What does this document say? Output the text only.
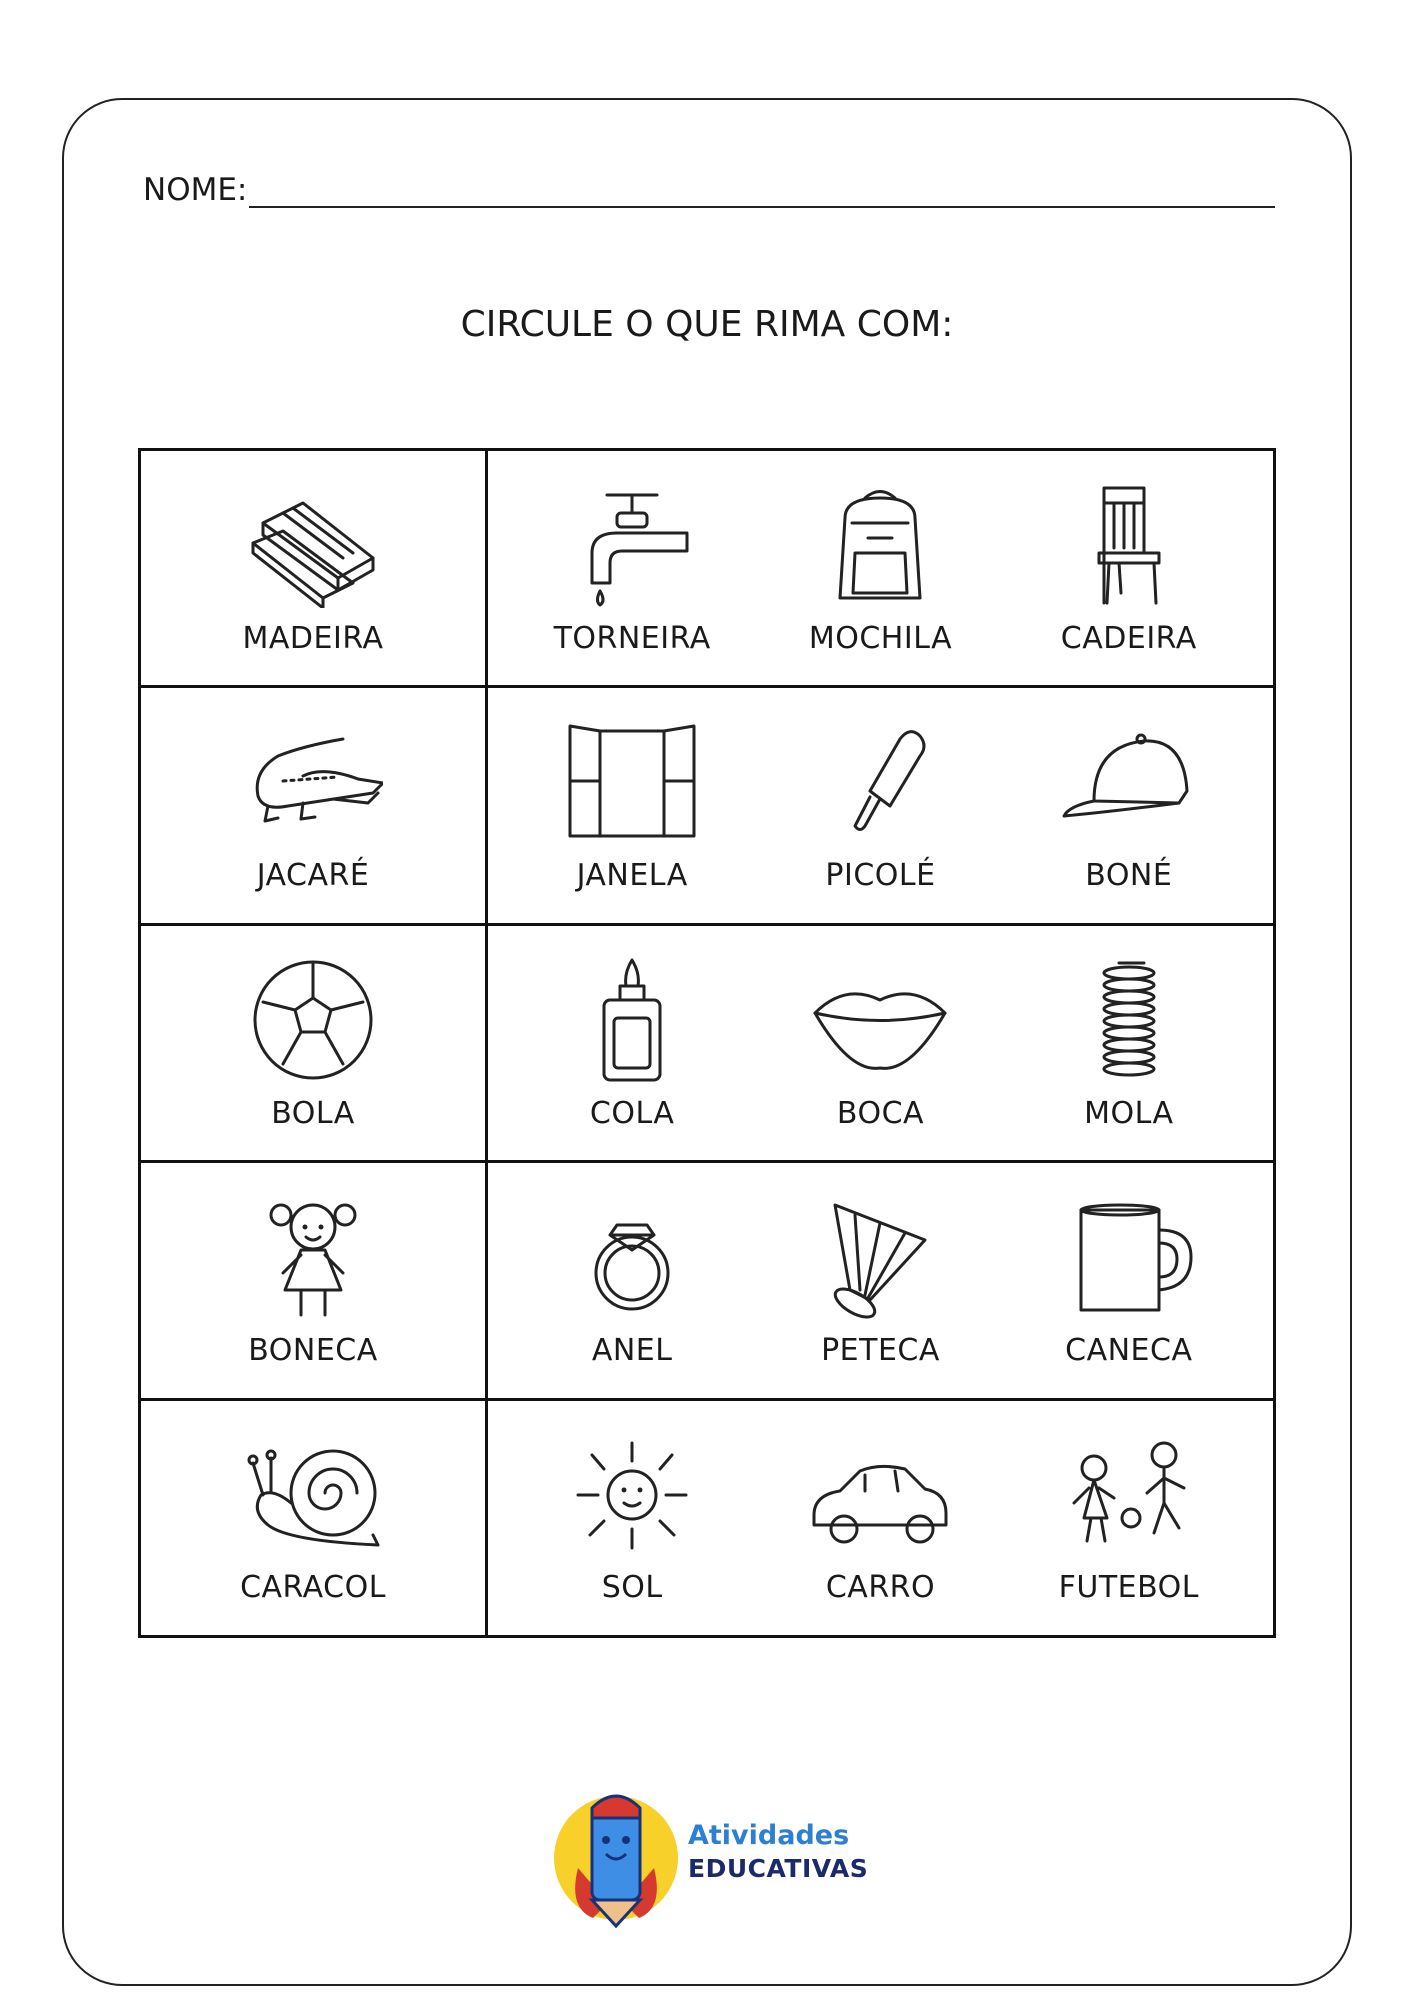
NOME:
CIRCULE O QUE RIMA COM:
MADEIRA	TORNEIRA	MOCHILA	CADEIRA
JACARÉ	JANELA	PICOLÉ	BONÉ
BOLA	COLA	BOCA	MOLA
BONECA	ANEL	PETECA	CANECA
CARACOL	SOL	CARRO	FUTEBOL
Atividades
EDUCATIVAS
